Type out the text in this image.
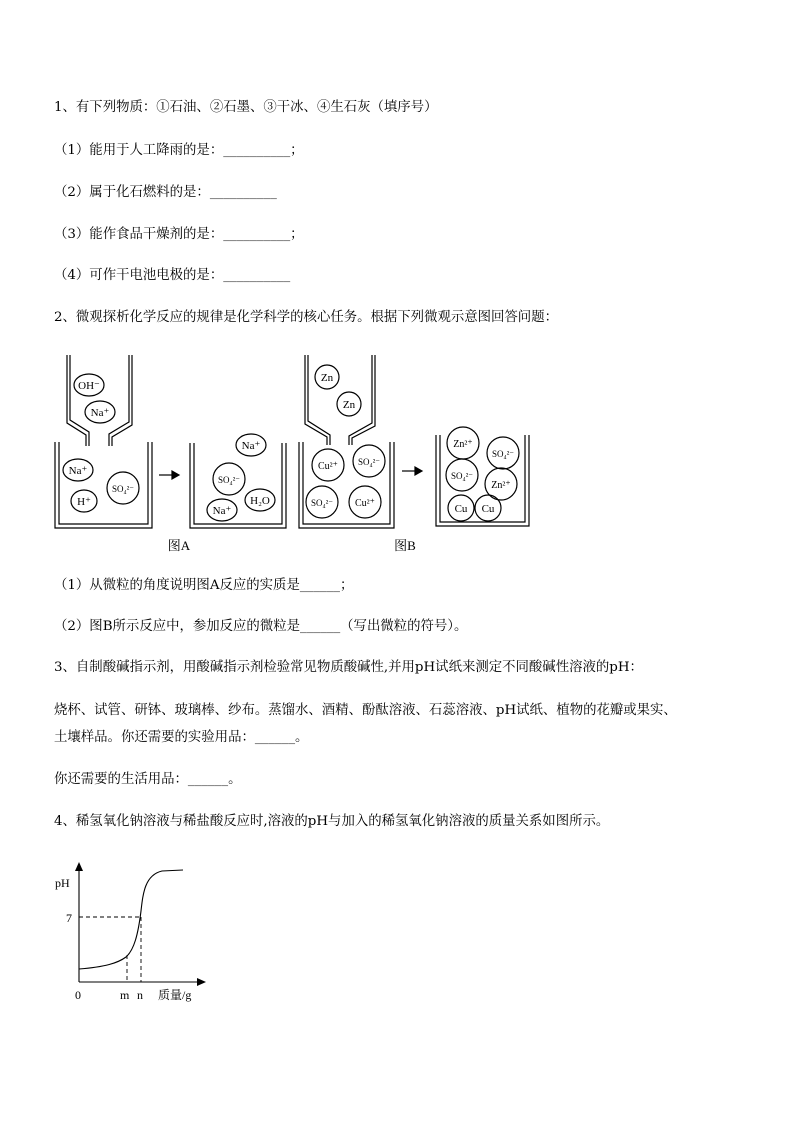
1、有下列物质：①石油、②石墨、③干冰、④生石灰（填序号）
（1）能用于人工降雨的是：__________；
（2）属于化石燃料的是：__________
（3）能作食品干燥剂的是：__________；
（4）可作干电池电极的是：__________
2、微观探析化学反应的规律是化学科学的核心任务。根据下列微观示意图回答问题：
OH⁻
Na⁺
Na⁺
H⁺
SO₄²⁻
Na⁺
SO₄²⁻
H₂O
Na⁺
Zn
Zn
Cu²⁺ SO₄²⁻
SO₄²⁻ Cu²⁺
Zn²⁺
SO₄²⁻
SO₄²⁻
Zn²⁺
Cu Cu
图A	图B
（1）从微粒的角度说明图A反应的实质是______；
（2）图B所示反应中，参加反应的微粒是______（写出微粒的符号）。
3、自制酸碱指示剂，用酸碱指示剂检验常见物质酸碱性,并用pH试纸来测定不同酸碱性溶液的pH：
烧杯、试管、研钵、玻璃棒、纱布。蒸馏水、酒精、酚酞溶液、石蕊溶液、pH试纸、植物的花瓣或果实、
土壤样品。你还需要的实验用品：______。
你还需要的生活用品：______。
4、稀氢氧化钠溶液与稀盐酸反应时,溶液的pH与加入的稀氢氧化钠溶液的质量关系如图所示。
pH
7
0	m n 质量/g
